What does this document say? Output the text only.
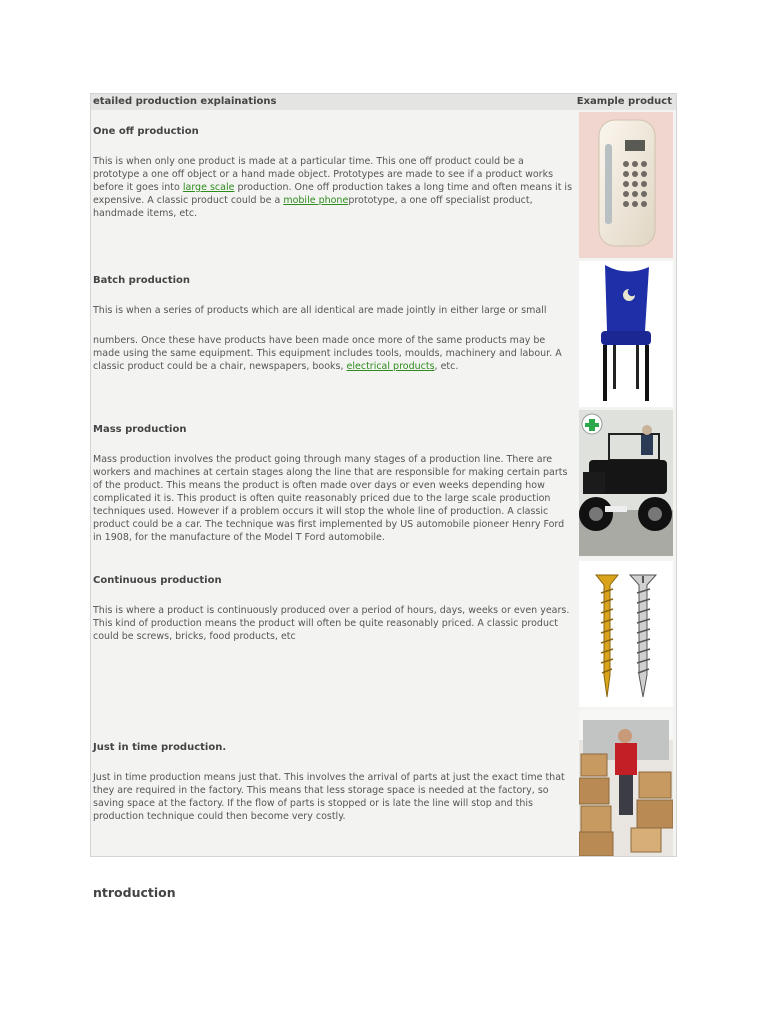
etailed production explainations	Example product
One off production

This is when only one product is made at a particular time. This one off product could be a prototype a one off object or a hand made object. Prototypes are made to see if a product works before it goes into large scale production. One off production takes a long time and often means it is expensive. A classic product could be a mobile phoneprototype, a one off specialist product, handmade items, etc.

Batch production

This is when a series of products which are all identical are made jointly in either large or small

numbers. Once these have products have been made once more of the same products may be made using the same equipment. This equipment includes tools, moulds, machinery and labour. A classic product could be a chair, newspapers, books, electrical products, etc.

Mass production

Mass production involves the product going through many stages of a production line. There are workers and machines at certain stages along the line that are responsible for making certain parts of the product. This means the product is often made over days or even weeks depending how complicated it is. This product is often quite reasonably priced due to the large scale production techniques used. However if a problem occurs it will stop the whole line of production. A classic product could be a car. The technique was first implemented by US automobile pioneer Henry Ford in 1908, for the manufacture of the Model T Ford automobile.

Continuous production

This is where a product is continuously produced over a period of hours, days, weeks or even years. This kind of production means the product will often be quite reasonably priced. A classic product could be screws, bricks, food products, etc

Just in time production.

Just in time production means just that. This involves the arrival of parts at just the exact time that they are required in the factory. This means that less storage space is needed at the factory, so saving space at the factory. If the flow of parts is stopped or is late the line will stop and this production technique could then become very costly.

ntroduction
